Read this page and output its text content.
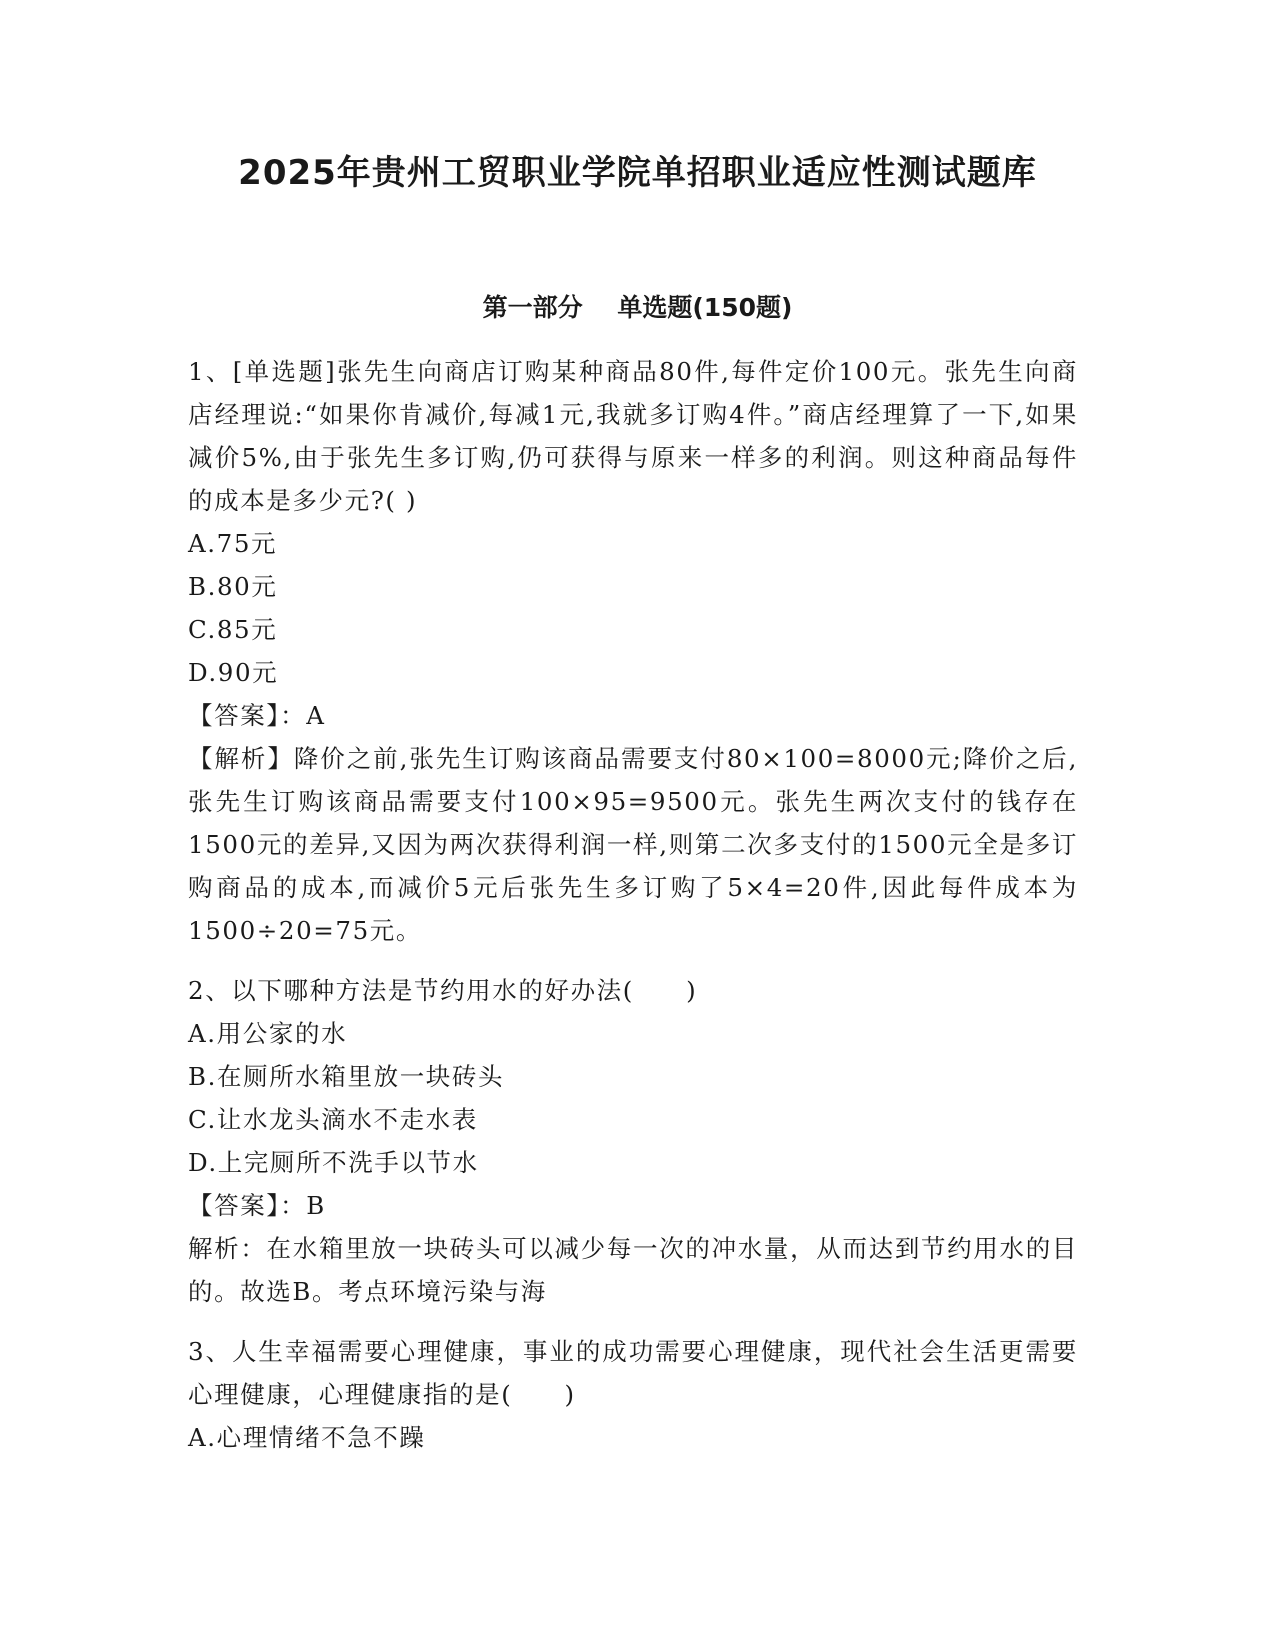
2025年贵州工贸职业学院单招职业适应性测试题库
第一部分    单选题(150题)
1、[单选题]张先生向商店订购某种商品80件,每件定价100元。张先生向商店经理说:“如果你肯减价,每减1元,我就多订购4件。”商店经理算了一下,如果减价5%,由于张先生多订购,仍可获得与原来一样多的利润。则这种商品每件的成本是多少元?( )
A.75元
B.80元
C.85元
D.90元
【答案】：A
【解析】降价之前,张先生订购该商品需要支付80×100=8000元;降价之后,张先生订购该商品需要支付100×95=9500元。张先生两次支付的钱存在1500元的差异,又因为两次获得利润一样,则第二次多支付的1500元全是多订购商品的成本,而减价5元后张先生多订购了5×4=20件,因此每件成本为1500÷20=75元。
2、以下哪种方法是节约用水的好办法(　　)
A.用公家的水
B.在厕所水箱里放一块砖头
C.让水龙头滴水不走水表
D.上完厕所不洗手以节水
【答案】：B
解析：在水箱里放一块砖头可以减少每一次的冲水量，从而达到节约用水的目的。故选B。考点环境污染与海
3、人生幸福需要心理健康，事业的成功需要心理健康，现代社会生活更需要心理健康，心理健康指的是(　　)
A.心理情绪不急不躁
